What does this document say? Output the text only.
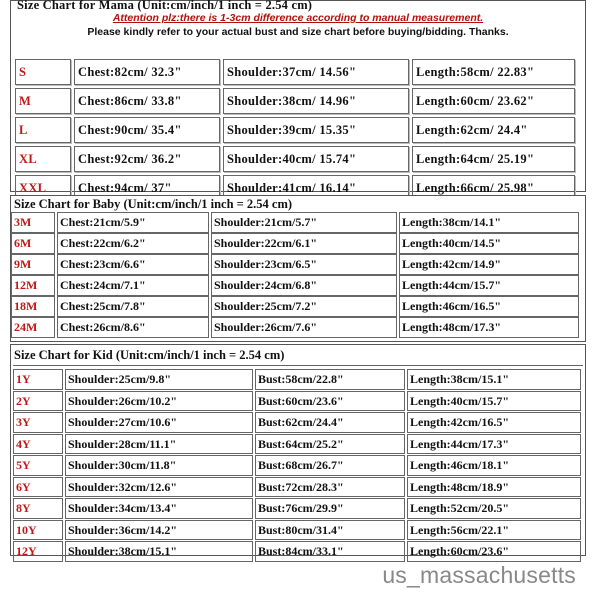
Size Chart for Mama (Unit:cm/inch/1 inch = 2.54 cm)
Attention plz:there is 1-3cm difference according to manual measurement.
Please kindly refer to your actual bust and size chart before buying/bidding. Thanks.
S	Chest:82cm/ 32.3"	Shoulder:37cm/ 14.56"	Length:58cm/ 22.83"
M	Chest:86cm/ 33.8"	Shoulder:38cm/ 14.96"	Length:60cm/ 23.62"
L	Chest:90cm/ 35.4"	Shoulder:39cm/ 15.35"	Length:62cm/ 24.4"
XL	Chest:92cm/ 36.2"	Shoulder:40cm/ 15.74"	Length:64cm/ 25.19"
XXL	Chest:94cm/ 37"	Shoulder:41cm/ 16.14"	Length:66cm/ 25.98"
Size Chart for Baby (Unit:cm/inch/1 inch = 2.54 cm)
3M	Chest:21cm/5.9"	Shoulder:21cm/5.7"	Length:38cm/14.1"
6M	Chest:22cm/6.2"	Shoulder:22cm/6.1"	Length:40cm/14.5"
9M	Chest:23cm/6.6"	Shoulder:23cm/6.5"	Length:42cm/14.9"
12M	Chest:24cm/7.1"	Shoulder:24cm/6.8"	Length:44cm/15.7"
18M	Chest:25cm/7.8"	Shoulder:25cm/7.2"	Length:46cm/16.5"
24M	Chest:26cm/8.6"	Shoulder:26cm/7.6"	Length:48cm/17.3"
Size Chart for Kid (Unit:cm/inch/1 inch = 2.54 cm)
1Y	Shoulder:25cm/9.8"	Bust:58cm/22.8"	Length:38cm/15.1"
2Y	Shoulder:26cm/10.2"	Bust:60cm/23.6"	Length:40cm/15.7"
3Y	Shoulder:27cm/10.6"	Bust:62cm/24.4"	Length:42cm/16.5"
4Y	Shoulder:28cm/11.1"	Bust:64cm/25.2"	Length:44cm/17.3"
5Y	Shoulder:30cm/11.8"	Bust:68cm/26.7"	Length:46cm/18.1"
6Y	Shoulder:32cm/12.6"	Bust:72cm/28.3"	Length:48cm/18.9"
8Y	Shoulder:34cm/13.4"	Bust:76cm/29.9"	Length:52cm/20.5"
10Y	Shoulder:36cm/14.2"	Bust:80cm/31.4"	Length:56cm/22.1"
12Y	Shoulder:38cm/15.1"	Bust:84cm/33.1"	Length:60cm/23.6"
us_massachusetts
